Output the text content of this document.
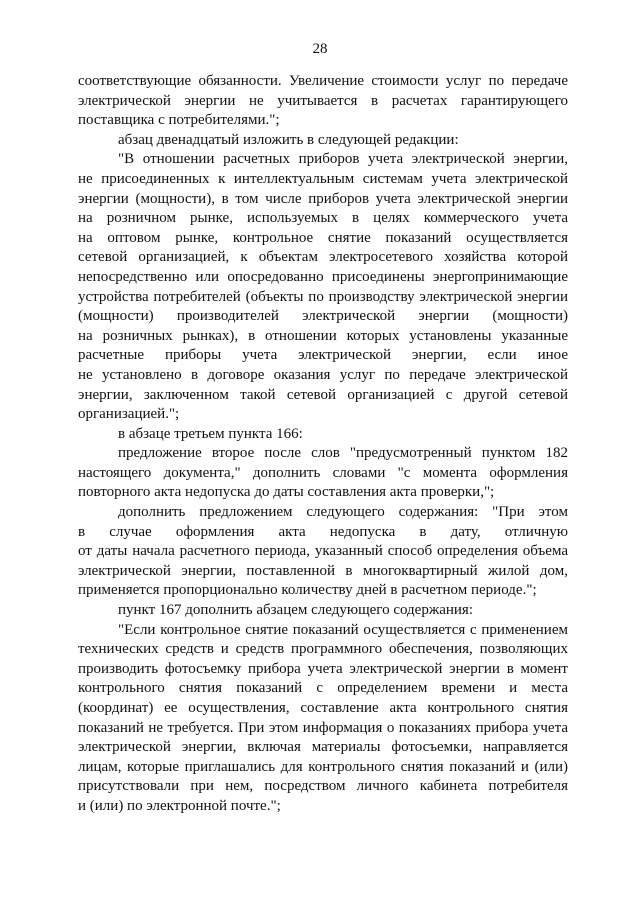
28
соответствующие обязанности. Увеличение стоимости услуг по передаче
электрической энергии не учитывается в расчетах гарантирующего
поставщика с потребителями.";
абзац двенадцатый изложить в следующей редакции:
"В отношении расчетных приборов учета электрической энергии,
не присоединенных к интеллектуальным системам учета электрической
энергии (мощности), в том числе приборов учета электрической энергии
на розничном рынке, используемых в целях коммерческого учета
на оптовом рынке, контрольное снятие показаний осуществляется
сетевой организацией, к объектам электросетевого хозяйства которой
непосредственно или опосредованно присоединены энергопринимающие
устройства потребителей (объекты по производству электрической энергии
(мощности) производителей электрической энергии (мощности)
на розничных рынках), в отношении которых установлены указанные
расчетные приборы учета электрической энергии, если иное
не установлено в договоре оказания услуг по передаче электрической
энергии, заключенном такой сетевой организацией с другой сетевой
организацией.";
в абзаце третьем пункта 166:
предложение второе после слов "предусмотренный пунктом 182
настоящего документа," дополнить словами "с момента оформления
повторного акта недопуска до даты составления акта проверки,";
дополнить предложением следующего содержания: "При этом
в случае оформления акта недопуска в дату, отличную
от даты начала расчетного периода, указанный способ определения объема
электрической энергии, поставленной в многоквартирный жилой дом,
применяется пропорционально количеству дней в расчетном периоде.";
пункт 167 дополнить абзацем следующего содержания:
"Если контрольное снятие показаний осуществляется с применением
технических средств и средств программного обеспечения, позволяющих
производить фотосъемку прибора учета электрической энергии в момент
контрольного снятия показаний с определением времени и места
(координат) ее осуществления, составление акта контрольного снятия
показаний не требуется. При этом информация о показаниях прибора учета
электрической энергии, включая материалы фотосъемки, направляется
лицам, которые приглашались для контрольного снятия показаний и (или)
присутствовали при нем, посредством личного кабинета потребителя
и (или) по электронной почте.";
